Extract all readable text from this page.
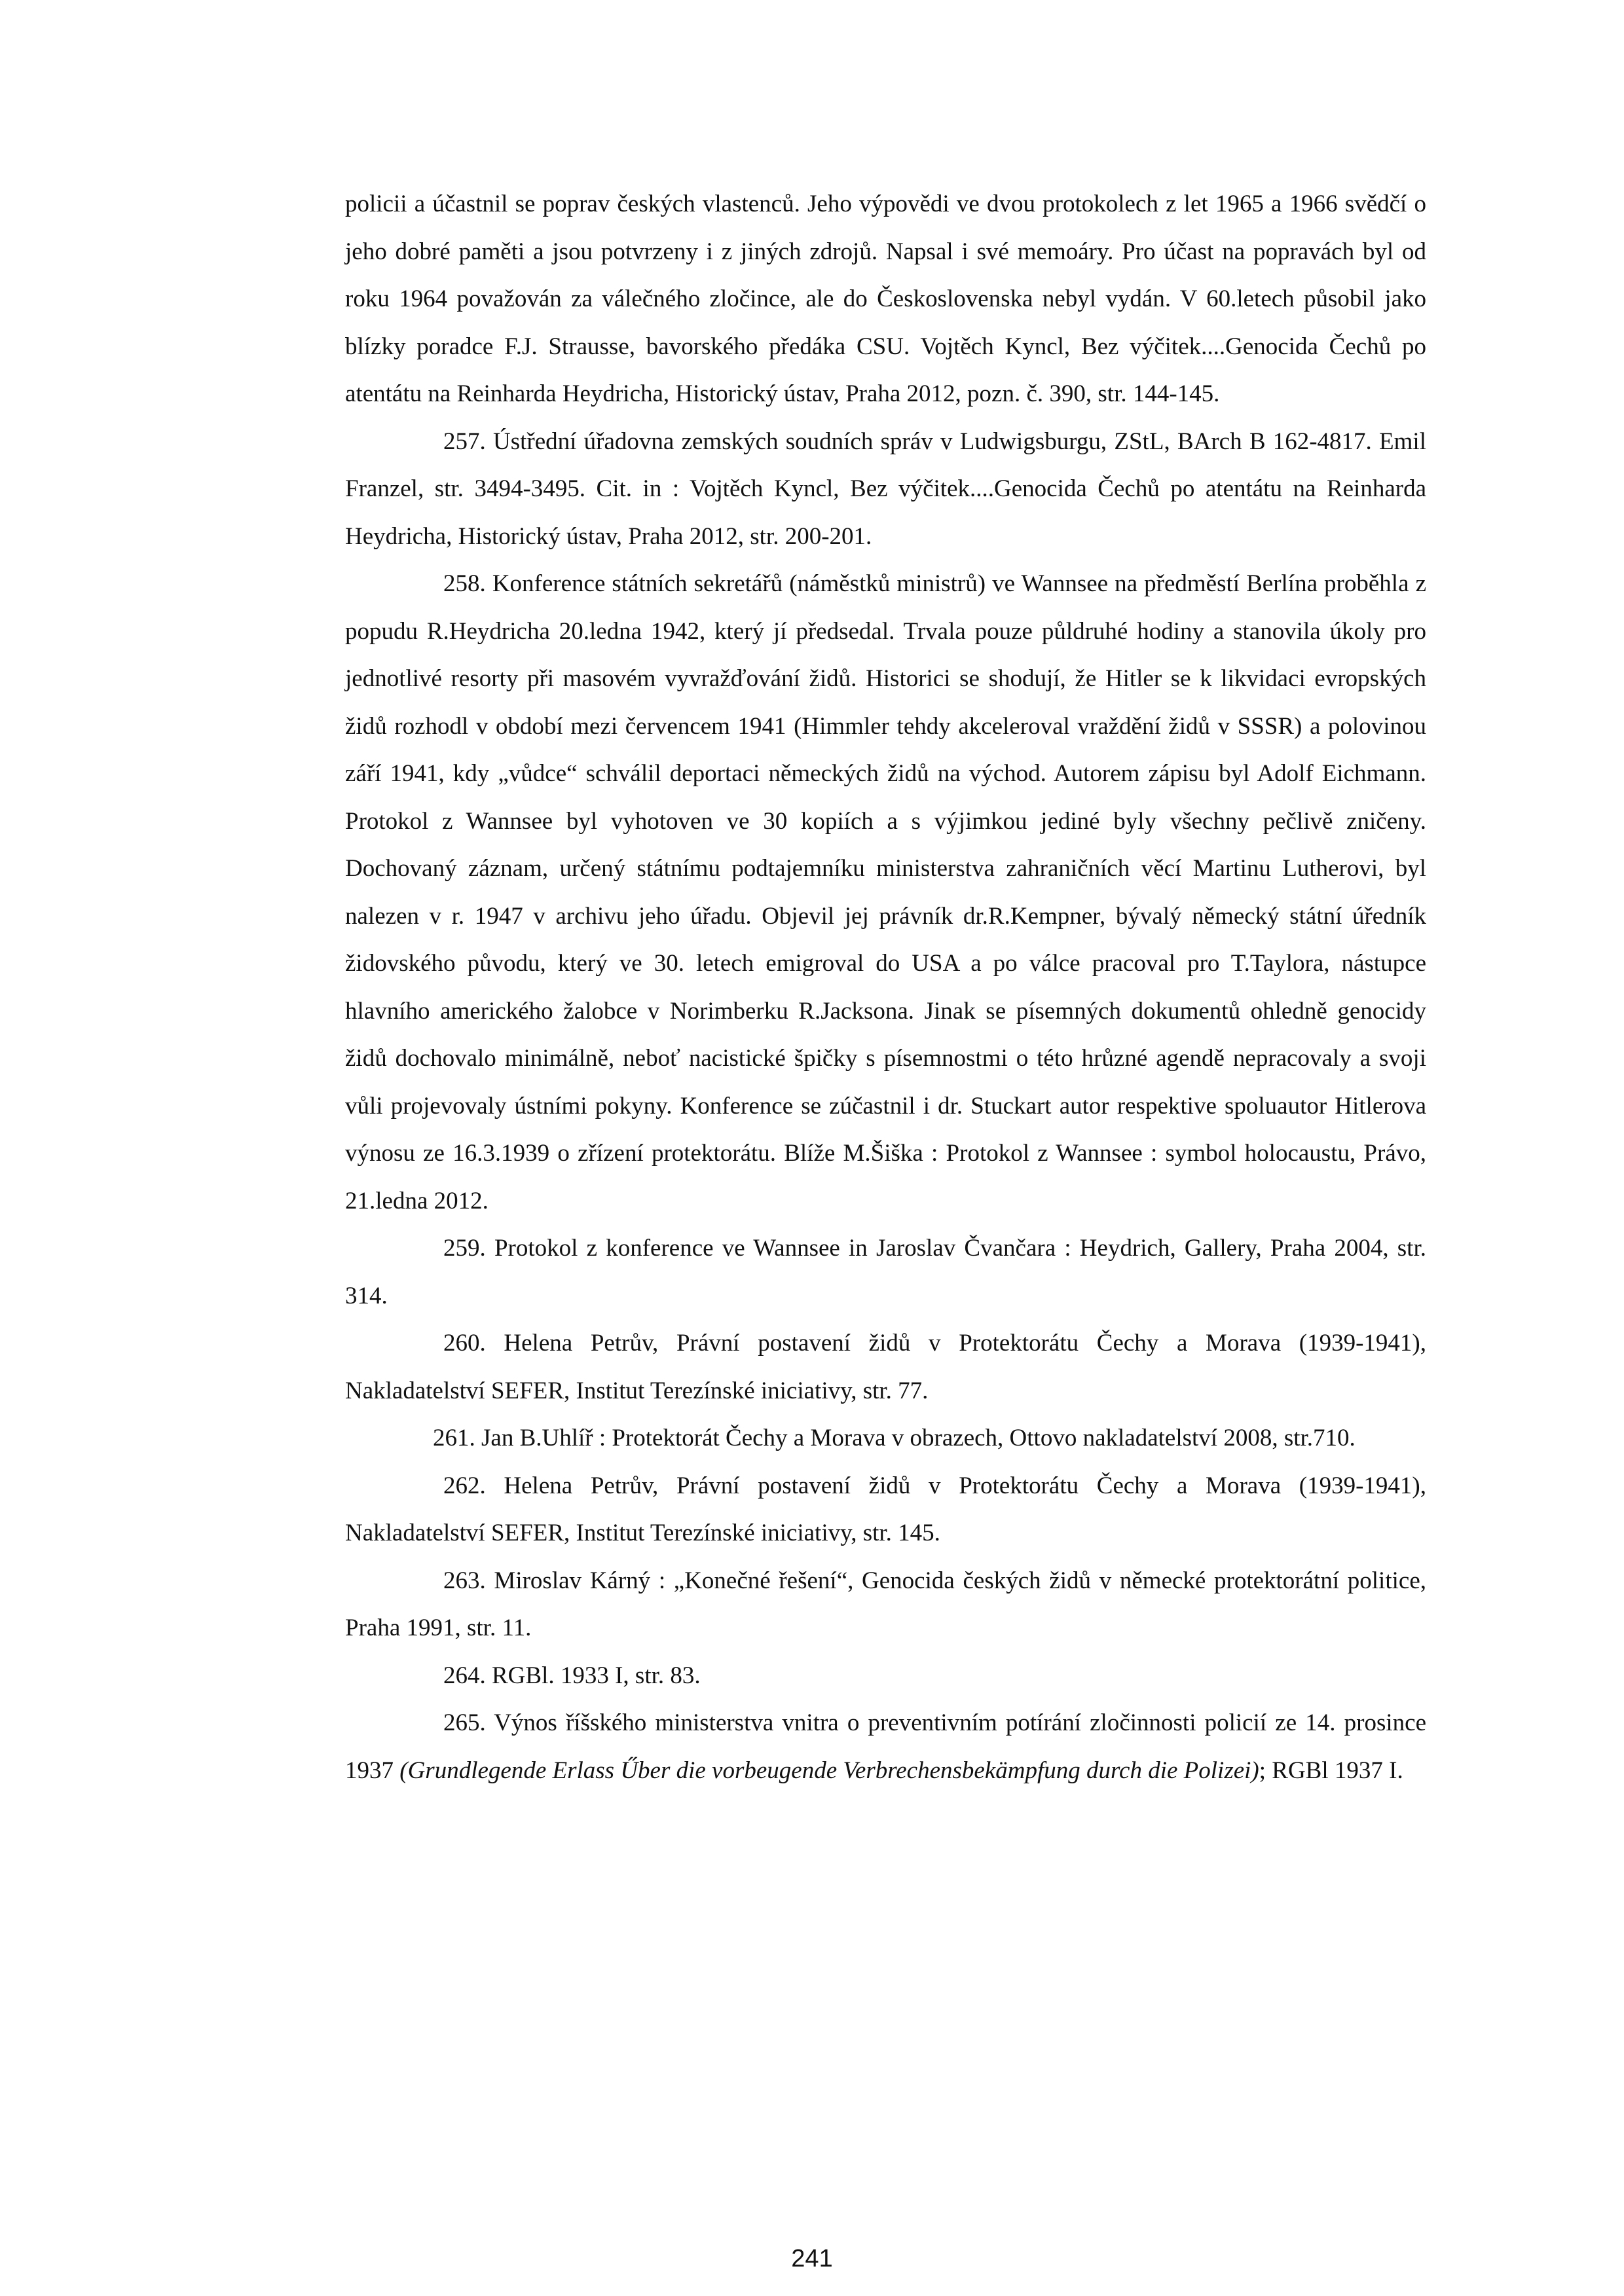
policii a účastnil se poprav českých vlastenců. Jeho výpovědi ve dvou protokolech z let 1965 a 1966 svědčí o jeho dobré paměti a jsou potvrzeny i z jiných zdrojů. Napsal i své memoáry. Pro účast na popravách byl od roku 1964 považován za válečného zločince, ale do Československa nebyl vydán. V 60.letech působil jako blízky poradce F.J. Strausse, bavorského předáka CSU. Vojtěch Kyncl, Bez výčitek....Genocida Čechů po atentátu na Reinharda Heydricha, Historický ústav, Praha 2012, pozn. č. 390, str. 144-145.

257. Ústřední úřadovna zemských soudních správ v Ludwigsburgu, ZStL, BArch B 162-4817. Emil Franzel, str. 3494-3495. Cit. in : Vojtěch Kyncl, Bez výčitek....Genocida Čechů po atentátu na Reinharda Heydricha, Historický ústav, Praha 2012, str. 200-201.

258. Konference státních sekretářů (náměstků ministrů) ve Wannsee na předměstí Berlína proběhla z popudu R.Heydricha 20.ledna 1942, který jí předsedal. Trvala pouze půldruhé hodiny a stanovila úkoly pro jednotlivé resorty při masovém vyvražďování židů. Historici se shodují, že Hitler se k likvidaci evropských židů rozhodl v období mezi červencem 1941 (Himmler tehdy akceleroval vraždění židů v SSSR) a polovinou září 1941, kdy „vůdce“ schválil deportaci německých židů na východ. Autorem zápisu byl Adolf Eichmann. Protokol z Wannsee byl vyhotoven ve 30 kopiích a s výjimkou jediné byly všechny pečlivě zničeny. Dochovaný záznam, určený státnímu podtajemníku ministerstva zahraničních věcí Martinu Lutherovi, byl nalezen v r. 1947 v archivu jeho úřadu. Objevil jej právník dr.R.Kempner, bývalý německý státní úředník židovského původu, který ve 30. letech emigroval do USA a po válce pracoval pro T.Taylora, nástupce hlavního amerického žalobce v Norimberku R.Jacksona. Jinak se písemných dokumentů ohledně genocidy židů dochovalo minimálně, neboť nacistické špičky s písemnostmi o této hrůzné agendě nepracovaly a svoji vůli projevovaly ústními pokyny. Konference se zúčastnil i dr. Stuckart autor respektive spoluautor Hitlerova výnosu ze 16.3.1939 o zřízení protektorátu. Blíže M.Šiška : Protokol z Wannsee : symbol holocaustu, Právo, 21.ledna 2012.

259. Protokol z konference ve Wannsee in Jaroslav Čvančara : Heydrich, Gallery, Praha 2004, str. 314.

260. Helena Petrův, Právní postavení židů v Protektorátu Čechy a Morava (1939-1941), Nakladatelství SEFER, Institut Terezínské iniciativy, str. 77.

261. Jan B.Uhlíř : Protektorát Čechy a Morava v obrazech, Ottovo nakladatelství 2008, str.710.

262. Helena Petrův, Právní postavení židů v Protektorátu Čechy a Morava (1939-1941), Nakladatelství SEFER, Institut Terezínské iniciativy, str. 145.

263. Miroslav Kárný : „Konečné řešení“, Genocida českých židů v německé protektorátní politice, Praha 1991, str. 11.

264. RGBl. 1933 I, str. 83.

265. Výnos říšského ministerstva vnitra o preventivním potírání zločinnosti policií ze 14. prosince 1937 (Grundlegende Erlass Űber die vorbeugende Verbrechensbekämpfung durch die Polizei); RGBl 1937 I.

241
